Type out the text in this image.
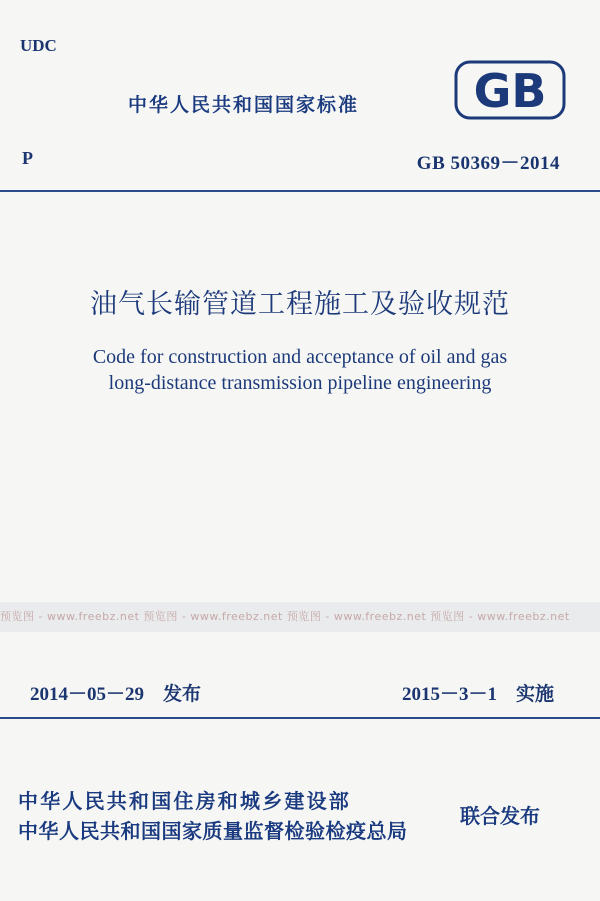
UDC
中华人民共和国国家标准 GB
P	GB 50369－2014
油气长输管道工程施工及验收规范
Code for construction and acceptance of oil and gas
long-distance transmission pipeline engineering
预览图 - www.freebz.net 预览图 - www.freebz.net 预览图 - www.freebz.net 预览图 - www.freebz.net
2014－05－29　发布	2015－3－1　实施
中华人民共和国住房和城乡建设部
中华人民共和国国家质量监督检验检疫总局
联合发布
